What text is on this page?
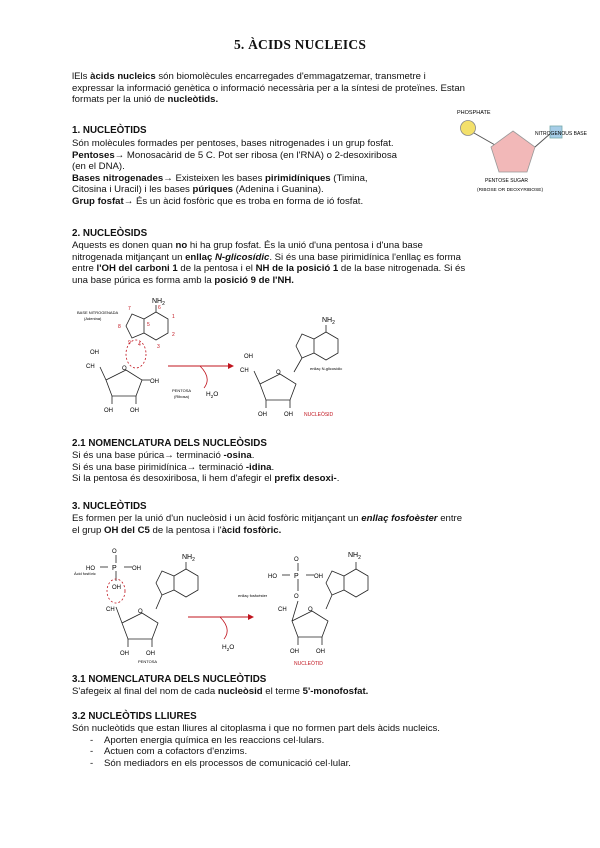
5. ÀCIDS NUCLEICS
lEls àcids nucleics són biomolècules encarregades d'emmagatzemar, transmetre i
expressar la informació genètica o informació necessària per a la síntesi de proteïnes. Estan
formats per la unió de nucleòtids.
1. NUCLEÒTIDS
Són molècules formades per pentoses, bases nitrogenades i un grup fosfat.
Pentoses→ Monosacàrid de 5 C. Pot ser ribosa (en l'RNA) o 2-desoxiribosa
(en el DNA).
Bases nitrogenades→ Existeixen les bases pirimidíniques (Timina,
Citosina i Uracil) i les bases púriques (Adenina i Guanina).
Grup fosfat→ És un àcid fosfòric que es troba en forma de ió fosfat.
PHOSPHATE
NITROGENOUS BASE
PENTOSE SUGAR
(RIBOSE OR DEOXYRIBOSE)
2. NUCLEÒSIDS
Aquests es donen quan no hi ha grup fosfat. És la unió d'una pentosa i d'una base
nitrogenada mitjançant un enllaç N-glicosídic. Si és una base pirimidínica l'enllaç es forma
entre l'OH del carboni 1 de la pentosa i el NH de la posició 1 de la base nitrogenada. Si és
una base púrica es forma amb la posició 9 de l'NH.
$NH_2$
BASE NITROGENADA
(Adenina)	1
2
3
4
5
6
7
8
9
OH
CH	O
OH	OH
OH
PENTOSA
(Ribosa)	$H_2O$
$NH_2$
OH
CH	O
OH	OH
enllaç N-glicosídic
NUCLEÒSID
2.1 NOMENCLATURA DELS NUCLEÒSIDS
Si és una base púrica→ terminació -osina.
Si és una base pirimidínica→ terminació -idina.
Si la pentosa és desoxiribosa, li hem d'afegir el prefix desoxi-.
3. NUCLEÒTIDS
Es formen per la unió d'un nucleòsid i un àcid fosfòric mitjançant un enllaç fosfoèster entre
el grup OH del C5 de la pentosa i l'àcid fosfòric.
P
O
HO	OH
OH
Àcid fosfòric
$NH_2$
CH	O
OH	OH
PENTOSA
$H_2O$
enllaç fosfoèster
P
O
HO	OH
O
$NH_2$
CH	O
OH	OH
NUCLEÒTID
3.1 NOMENCLATURA DELS NUCLEÒTIDS
S'afegeix al final del nom de cada nucleòsid el terme 5'-monofosfat.
3.2 NUCLEÒTIDS LLIURES
Són nucleòtids que estan lliures al citoplasma i que no formen part dels àcids nucleics.
- Aporten energia química en les reaccions cel·lulars.
- Actuen com a cofactors d'enzims.
- Són mediadors en els processos de comunicació cel·lular.
